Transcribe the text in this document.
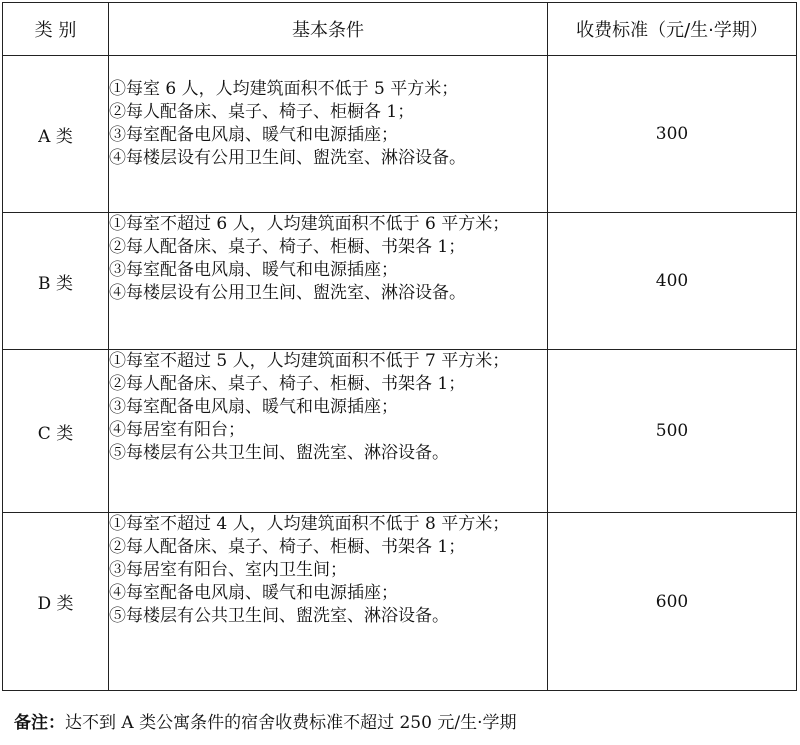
类 别	基本条件	收费标准（元/生·学期）
A 类	①每室 6 人，人均建筑面积不低于 5 平方米；
②每人配备床、桌子、椅子、柜橱各 1；
③每室配备电风扇、暖气和电源插座；
④每楼层设有公用卫生间、盥洗室、淋浴设备。	300
B 类	①每室不超过 6 人，人均建筑面积不低于 6 平方米；
②每人配备床、桌子、椅子、柜橱、书架各 1；
③每室配备电风扇、暖气和电源插座；
④每楼层设有公用卫生间、盥洗室、淋浴设备。	400
C 类	①每室不超过 5 人，人均建筑面积不低于 7 平方米；
②每人配备床、桌子、椅子、柜橱、书架各 1；
③每室配备电风扇、暖气和电源插座；
④每居室有阳台；
⑤每楼层有公共卫生间、盥洗室、淋浴设备。	500
D 类	①每室不超过 4 人，人均建筑面积不低于 8 平方米；
②每人配备床、桌子、椅子、柜橱、书架各 1；
③每居室有阳台、室内卫生间；
④每室配备电风扇、暖气和电源插座；
⑤每楼层有公共卫生间、盥洗室、淋浴设备。	600
备注：达不到 A 类公寓条件的宿舍收费标准不超过 250 元/生·学期
